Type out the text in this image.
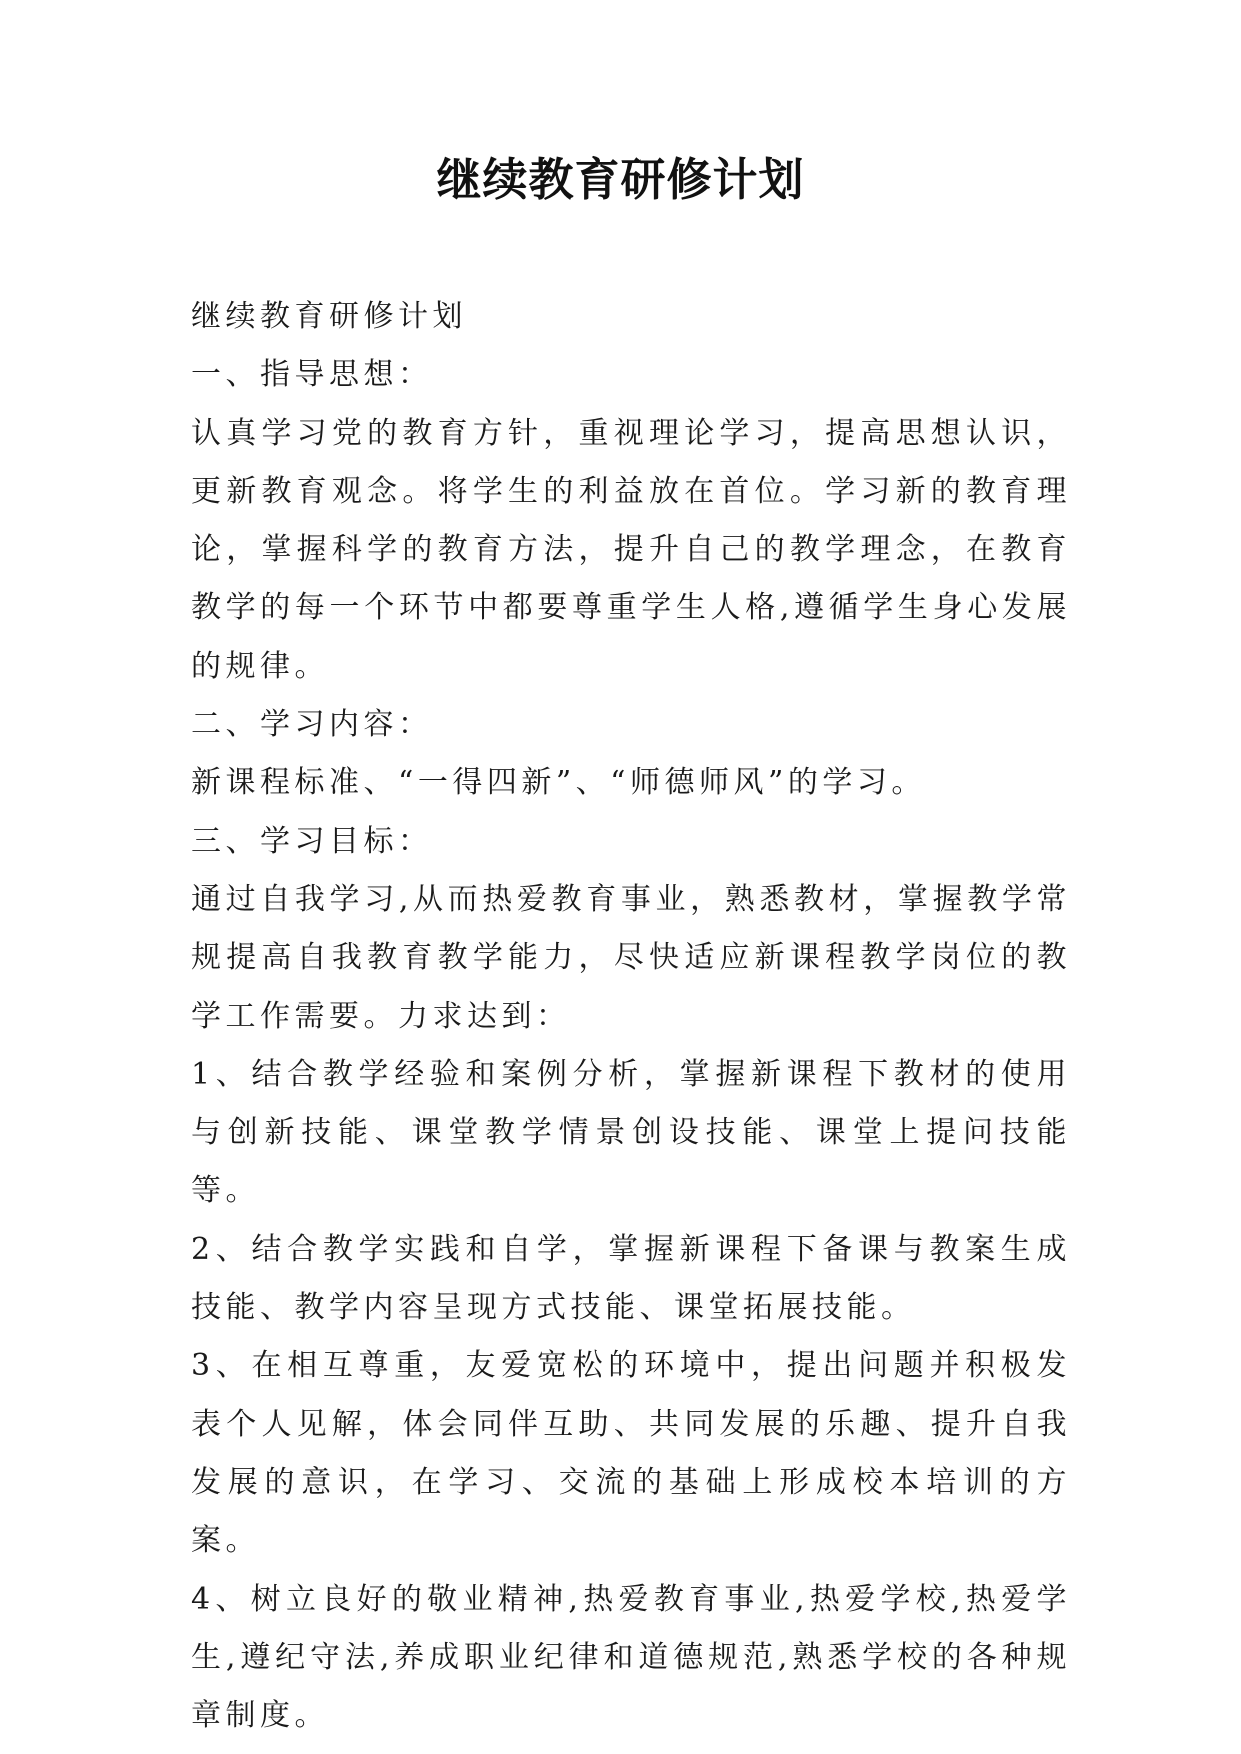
继续教育研修计划

继续教育研修计划

一、指导思想：

认真学习党的教育方针，重视理论学习，提高思想认识，更新教育观念。将学生的利益放在首位。学习新的教育理论，掌握科学的教育方法，提升自己的教学理念，在教育教学的每一个环节中都要尊重学生人格,遵循学生身心发展的规律。

二、学习内容：

新课程标准、“一得四新”、“师德师风”的学习。

三、学习目标：

通过自我学习,从而热爱教育事业，熟悉教材，掌握教学常规提高自我教育教学能力，尽快适应新课程教学岗位的教学工作需要。力求达到：

1、结合教学经验和案例分析，掌握新课程下教材的使用与创新技能、课堂教学情景创设技能、课堂上提问技能等。

2、结合教学实践和自学，掌握新课程下备课与教案生成技能、教学内容呈现方式技能、课堂拓展技能。

3、在相互尊重，友爱宽松的环境中，提出问题并积极发表个人见解，体会同伴互助、共同发展的乐趣、提升自我发展的意识，在学习、交流的基础上形成校本培训的方案。

4、树立良好的敬业精神,热爱教育事业,热爱学校,热爱学生,遵纪守法,养成职业纪律和道德规范,熟悉学校的各种规章制度。
